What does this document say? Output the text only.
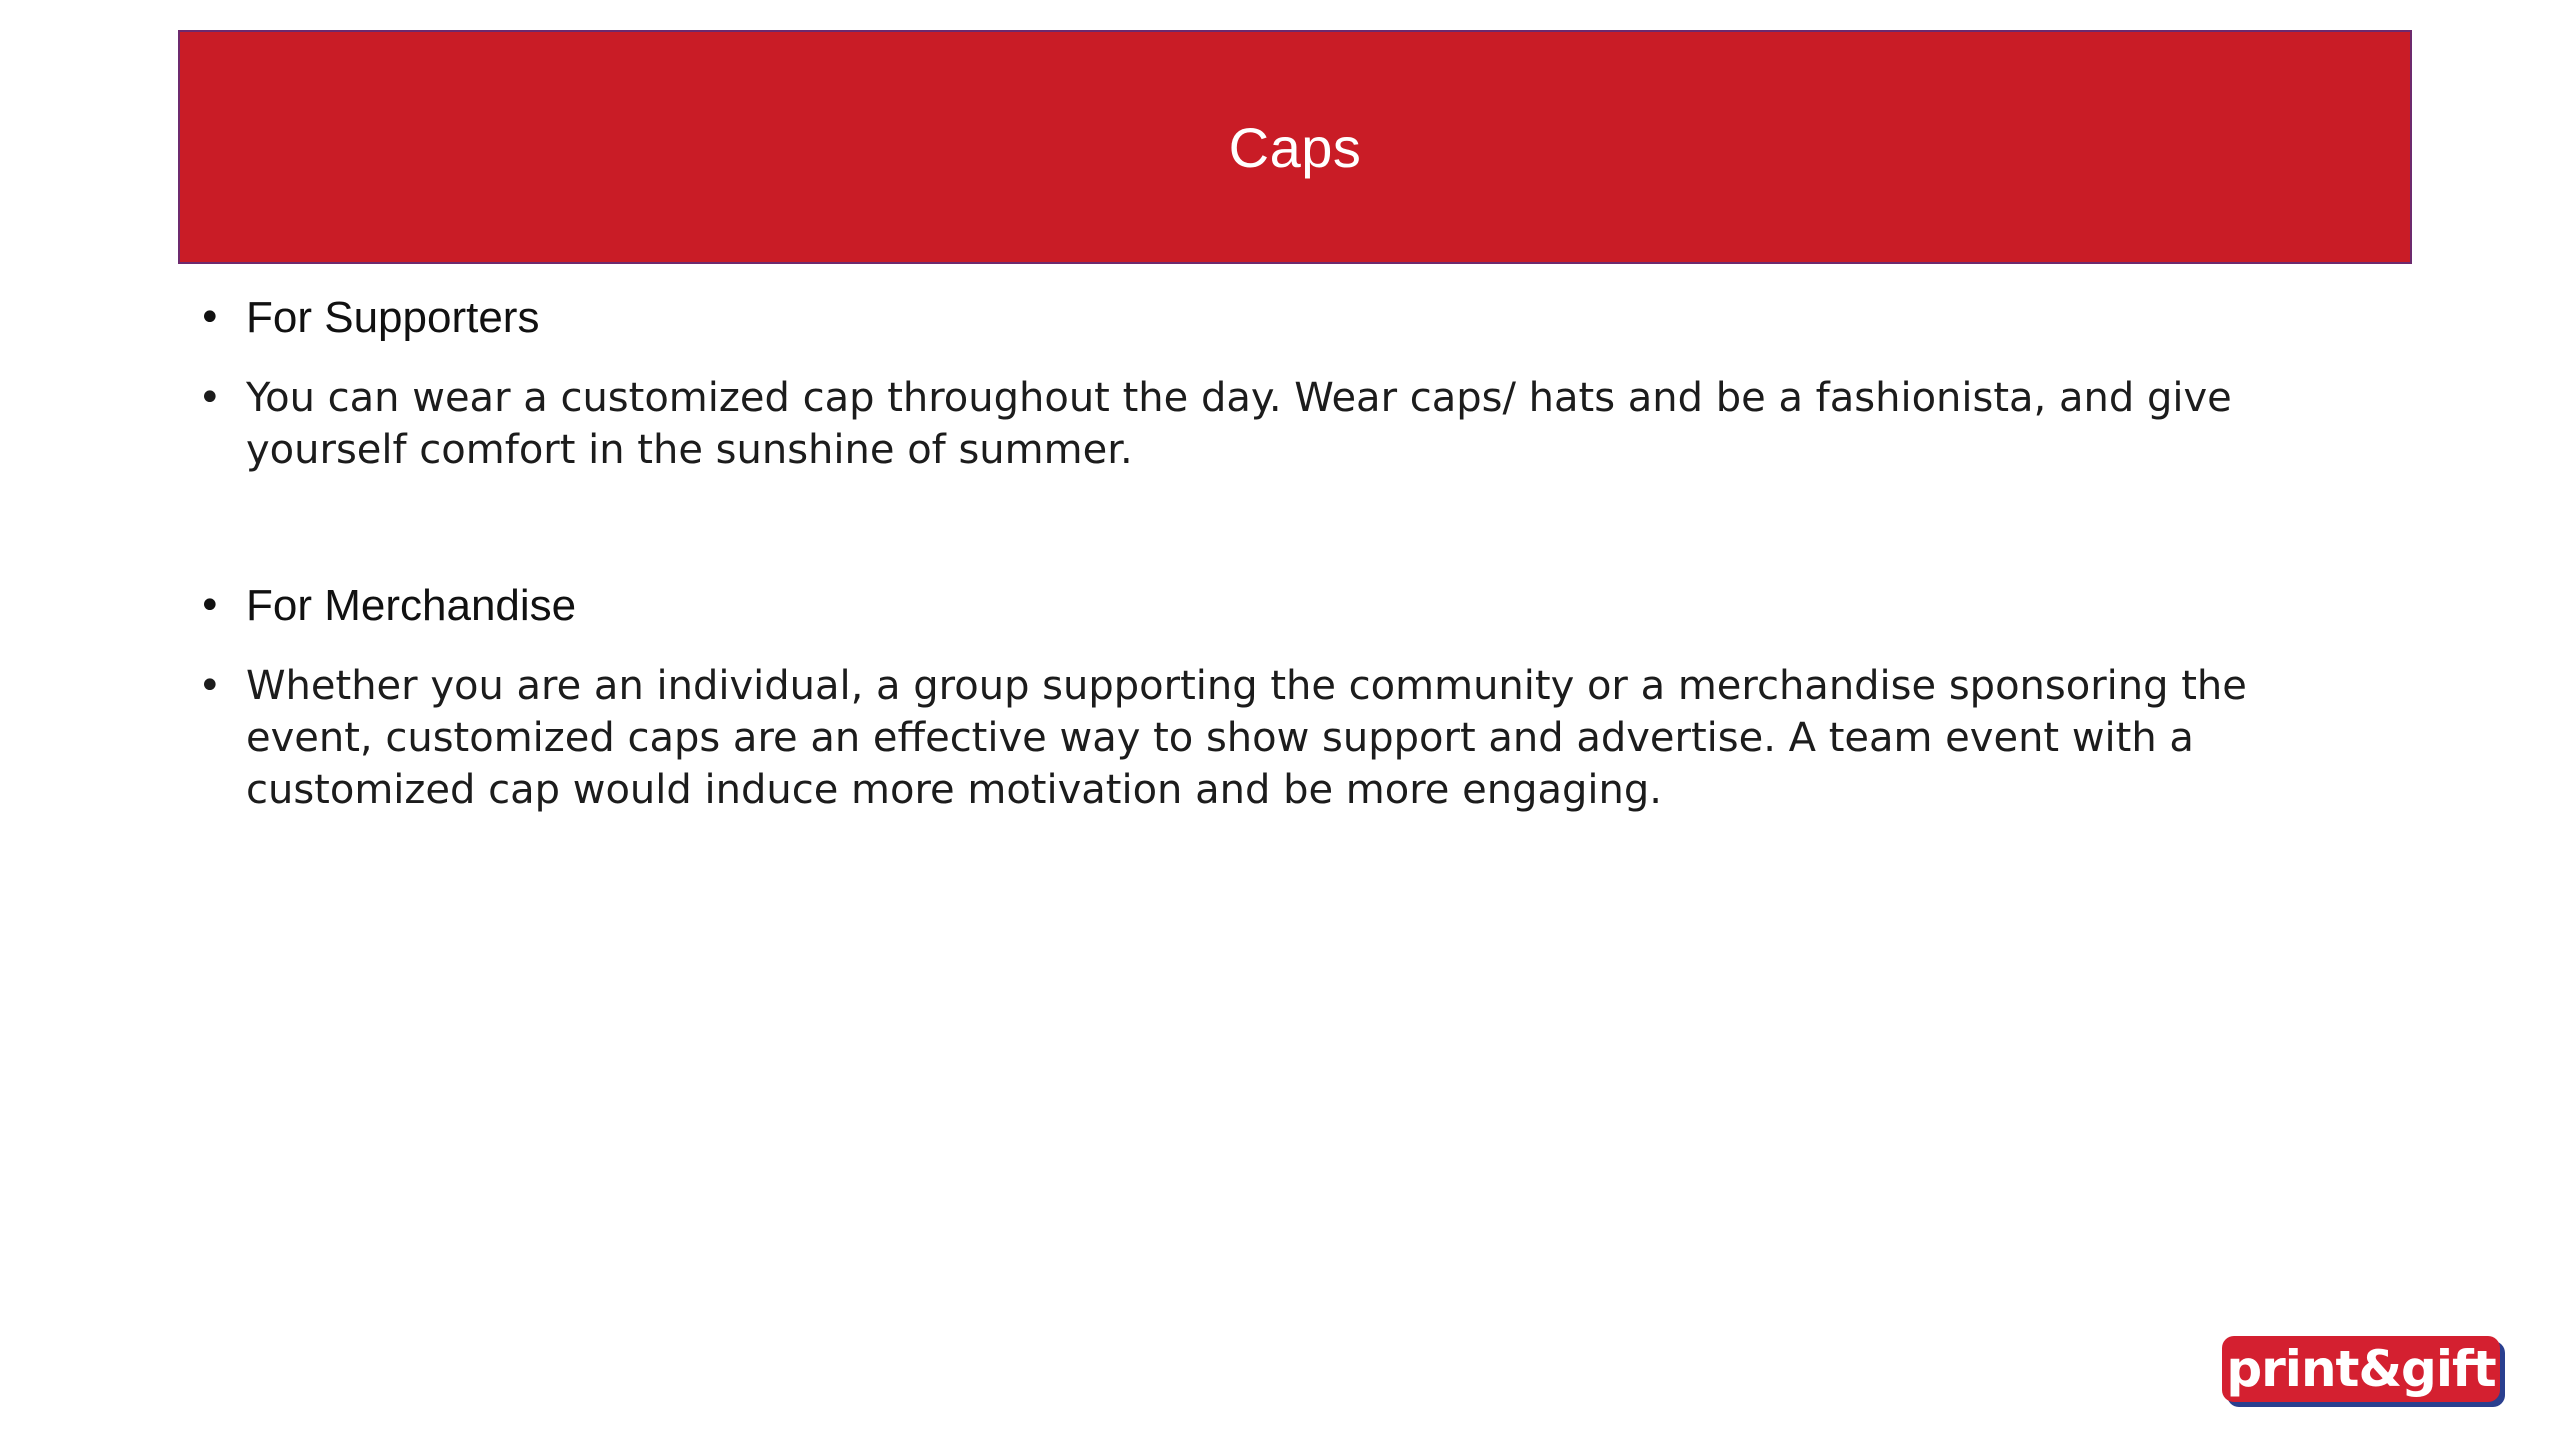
Caps
• For Supporters
• You can wear a customized cap throughout the day. Wear caps/ hats and be a fashionista, and give yourself comfort in the sunshine of summer.
• For Merchandise
• Whether you are an individual, a group supporting the community or a merchandise sponsoring the event, customized caps are an effective way to show support and advertise. A team event with a customized cap would induce more motivation and be more engaging.
print&gift
